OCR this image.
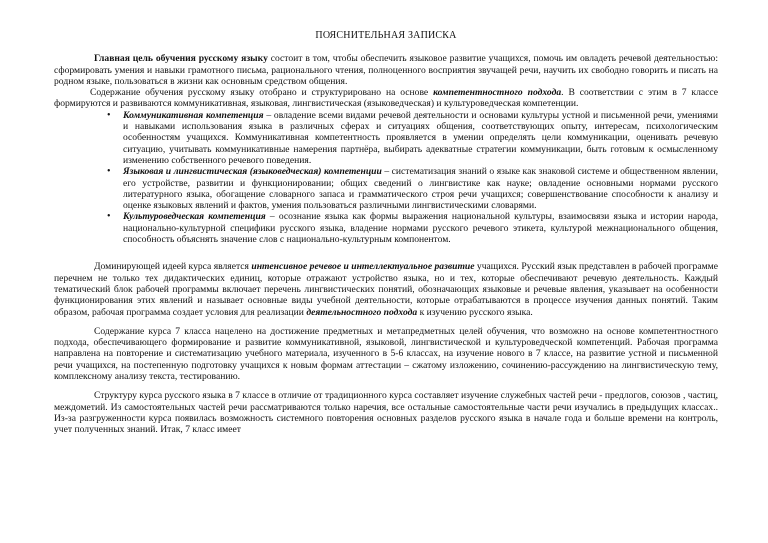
ПОЯСНИТЕЛЬНАЯ ЗАПИСКА

Главная цель обучения русскому языку состоит в том, чтобы обеспечить языковое развитие учащихся, помочь им овладеть речевой деятельностью: сформировать умения и навыки грамотного письма, рационального чтения, полноценного восприятия звучащей речи, научить их свободно говорить и писать на родном языке, пользоваться в жизни как основным средством общения.

Содержание обучения русскому языку отобрано и структурировано на основе компетентностного подхода. В соответствии с этим в 7 классе формируются и развиваются коммуникативная, языковая, лингвистическая (языковедческая) и культуроведческая компетенции.

• Коммуникативная компетенция – овладение всеми видами речевой деятельности и основами культуры устной и письменной речи, умениями и навыками использования языка в различных сферах и ситуациях общения, соответствующих опыту, интересам, психологическим особенностям учащихся. Коммуникативная компетентность проявляется в умении определять цели коммуникации, оценивать речевую ситуацию, учитывать коммуникативные намерения партнёра, выбирать адекватные стратегии коммуникации, быть готовым к осмысленному изменению собственного речевого поведения.
• Языковая и лингвистическая (языковедческая) компетенции – систематизация знаний о языке как знаковой системе и общественном явлении, его устройстве, развитии и функционировании; общих сведений о лингвистике как науке; овладение основными нормами русского литературного языка, обогащение словарного запаса и грамматического строя речи учащихся; совершенствование способности к анализу и оценке языковых явлений и фактов, умения пользоваться различными лингвистическими словарями.
• Культуроведческая компетенция – осознание языка как формы выражения национальной культуры, взаимосвязи языка и истории народа, национально-культурной специфики русского языка, владение нормами русского речевого этикета, культурой межнационального общения, способность объяснять значение слов с национально-культурным компонентом.

Доминирующей идеей курса является интенсивное речевое и интеллектуальное развитие учащихся. Русский язык представлен в рабочей программе перечнем не только тех дидактических единиц, которые отражают устройство языка, но и тех, которые обеспечивают речевую деятельность. Каждый тематический блок рабочей программы включает перечень лингвистических понятий, обозначающих языковые и речевые явления, указывает на особенности функционирования этих явлений и называет основные виды учебной деятельности, которые отрабатываются в процессе изучения данных понятий. Таким образом, рабочая программа создает условия для реализации деятельностного подхода к изучению русского языка.

Содержание курса 7 класса нацелено на достижение предметных и метапредметных целей обучения, что возможно на основе компетентностного подхода, обеспечивающего формирование и развитие коммуникативной, языковой, лингвистической и культуроведческой компетенций. Рабочая программа направлена на повторение и систематизацию учебного материала, изученного в 5-6 классах, на изучение нового в 7 классе, на развитие устной и письменной речи учащихся, на постепенную подготовку учащихся к новым формам аттестации – сжатому изложению, сочинению-рассуждению на лингвистическую тему, комплексному анализу текста, тестированию.

Структуру курса русского языка в 7 классе в отличие от традиционного курса составляет изучение служебных частей речи - предлогов, союзов , частиц, междометий. Из самостоятельных частей речи рассматриваются только наречия, все остальные самостоятельные части речи изучались в предыдущих классах.. Из-за разгруженности курса появилась возможность системного повторения основных разделов русского языка в начале года и больше времени на контроль, учет полученных знаний. Итак, 7 класс имеет
